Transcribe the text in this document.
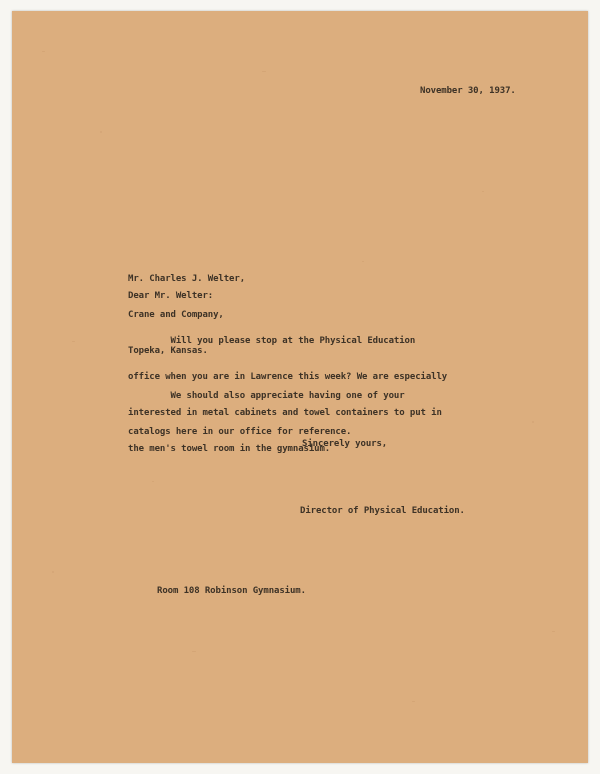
November 30, 1937.

Mr. Charles J. Welter,

Crane and Company,

Topeka, Kansas.

Dear Mr. Welter:

Will you please stop at the Physical Education

office when you are in Lawrence this week? We are especially

interested in metal cabinets and towel containers to put in

the men's towel room in the gymnasium.

We should also appreciate having one of your

catalogs here in our office for reference.

Sincerely yours,
Director of Physical Education.
Room 108 Robinson Gymnasium.
